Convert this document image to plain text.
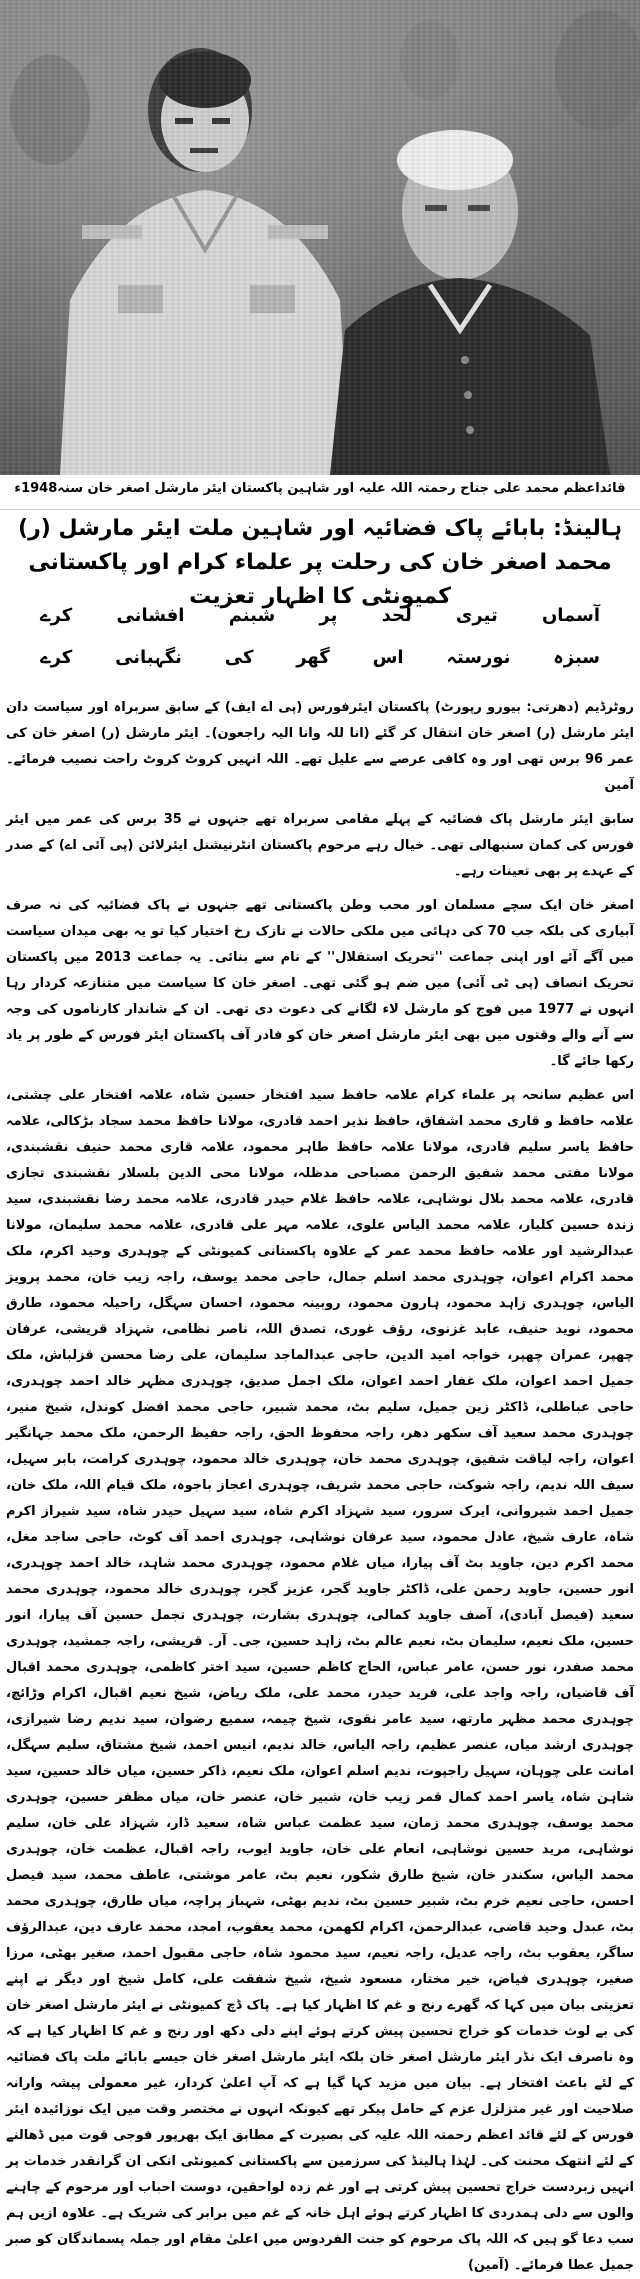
قائداعظم محمد علی جناح رحمتہ اللہ علیہ اور شاہین پاکستان ایئر مارشل اصغر خان سنہ1948ء
ہالینڈ: بابائے پاک فضائیہ اور شاہین ملت ایئر مارشل (ر) محمد اصغر خان کی رحلت پر علماء کرام اور پاکستانی کمیونٹی کا اظہار تعزیت
آسماں
تیری
لحد
پر
شبنم
افشانی
کرے
سبزہ
نورستہ
اس
گھر
کی
نگہبانی
کرے

روٹرڈیم (دھرتی: بیورو رپورٹ) پاکستان ایئرفورس (پی اے ایف) کے سابق سربراہ اور سیاست دان ایئر مارشل (ر) اصغر خان انتقال کر گئے (انا للہ وانا الیہ راجعون)۔ ایئر مارشل (ر) اصغر خان کی عمر 96 برس تھی اور وہ کافی عرصے سے علیل تھے۔ اللہ انہیں کروٹ کروٹ راحت نصیب فرمائے۔ آمین

سابق ایئر مارشل پاک فضائیہ کے پہلے مقامی سربراہ تھے جنہوں نے 35 برس کی عمر میں ایئر فورس کی کمان سنبھالی تھی۔ خیال رہے مرحوم پاکستان انٹرنیشنل ایئرلائن (پی آئی اے) کے صدر کے عہدے پر بھی تعینات رہے۔

اصغر خان ایک سچے مسلمان اور محب وطن پاکستانی تھے جنہوں نے پاک فضائیہ کی نہ صرف آبیاری کی بلکہ جب 70 کی دہائی میں ملکی حالات نے نازک رخ اختیار کیا تو یہ بھی میدان سیاست میں آگے آئے اور اپنی جماعت ''تحریک استقلال'' کے نام سے بنائی۔ یہ جماعت 2013 میں پاکستان تحریک انصاف (پی ٹی آئی) میں ضم ہو گئی تھی۔ اصغر خان کا سیاست میں متنازعہ کردار رہا انہوں نے 1977 میں فوج کو مارشل لاء لگانے کی دعوت دی تھی۔ ان کے شاندار کارناموں کی وجہ سے آنے والے وقتوں میں بھی ایئر مارشل اصغر خان کو فادر آف پاکستان ایئر فورس کے طور پر یاد رکھا جائے گا۔

اس عظیم سانحہ پر علماء کرام علامہ حافظ سید افتخار حسین شاہ، علامہ افتخار علی چشتی، علامہ حافظ و قاری محمد اشفاق، حافظ نذیر احمد قادری، مولانا حافظ محمد سجاد بڑکالی، علامہ حافظ یاسر سلیم قادری، مولانا علامہ حافظ طاہر محمود، علامہ قاری محمد حنیف نقشبندی، مولانا مفتی محمد شفیق الرحمن مصباحی مدظلہ، مولانا محی الدین بلسلار نقشبندی تجازی قادری، علامہ محمد بلال نوشاہی، علامہ حافظ غلام حیدر قادری، علامہ محمد رضا نقشبندی، سید زندہ حسین کلیار، علامہ محمد الیاس علوی، علامہ مہر علی قادری، علامہ محمد سلیمان، مولانا عبدالرشید اور علامہ حافظ محمد عمر کے علاوہ پاکستانی کمیونٹی کے چوہدری وحید اکرم، ملک محمد اکرام اعوان، چوہدری محمد اسلم جمال، حاجی محمد یوسف، راجہ زیب خان، محمد پرویز الیاس، چوہدری زاہد محمود، ہارون محمود، روبینہ محمود، احسان سہگل، راحیلہ محمود، طارق محمود، نوید حنیف، عابد غزنوی، رؤف غوری، تصدق اللہ، ناصر نظامی، شہزاد قریشی، عرفان چھپر، عمران چھپر، خواجہ امید الدین، حاجی عبدالماجد سلیمان، علی رضا محسن قزلباش، ملک جمیل احمد اعوان، ملک غفار احمد اعوان، ملک اجمل صدیق، چوہدری مظہر خالد احمد چوہدری، حاجی عباطلی، ڈاکٹر زین جمیل، سلیم بٹ، محمد شبیر، حاجی محمد افضل کوندل، شیخ منیر، چوہدری محمد سعید آف سکھر دھر، راجہ محفوظ الحق، راجہ حفیظ الرحمن، ملک محمد جہانگیر اعوان، راجہ لیاقت شفیق، چوہدری محمد خان، چوہدری خالد محمود، چوہدری کرامت، بابر سہیل، سیف اللہ ندیم، راجہ شوکت، حاجی محمد شریف، چوہدری اعجاز باجوہ، ملک قیام اللہ، ملک خان، جمیل احمد شیروانی، ایرک سرور، سید شہزاد اکرم شاہ، سید سہیل حیدر شاہ، سید شیراز اکرم شاہ، عارف شیخ، عادل محمود، سید عرفان نوشاہی، چوہدری احمد آف کوٹ، حاجی ساجد مغل، محمد اکرم دین، جاوید بٹ آف پیارا، میاں غلام محمود، چوہدری محمد شاہد، خالد احمد چوہدری، انور حسین، جاوید رحمن علی، ڈاکٹر جاوید گجر، عزیز گجر، چوہدری خالد محمود، چوہدری محمد سعید (فیصل آبادی)، آصف جاوید کمالی، چوہدری بشارت، چوہدری تجمل حسین آف پیارا، انور حسین، ملک نعیم، سلیمان بٹ، نعیم عالم بٹ، زاہد حسین، جی۔ آر۔ قریشی، راجہ جمشید، چوہدری محمد صفدر، نور حسن، عامر عباس، الحاج کاظم حسین، سید اختر کاظمی، چوہدری محمد اقبال آف قاضیاں، راجہ واجد علی، فرید حیدر، محمد علی، ملک ریاض، شیخ نعیم اقبال، اکرام وڑائچ، چوہدری محمد مظہر مارتھ، سید عامر نقوی، شیخ چیمہ، سمیع رضوان، سید ندیم رضا شیرازی، چوہدری ارشد میاں، عنصر عظیم، راجہ الیاس، خالد ندیم، انیس احمد، شیخ مشتاق، سلیم سہگل، امانت علی چوہان، سہیل راجپوت، ندیم اسلم اعوان، ملک نعیم، ذاکر حسین، میاں خالد حسین، سید شاہن شاہ، یاسر احمد کمال قمر زیب خان، شبیر خان، عنصر خان، میاں مظفر حسین، چوہدری محمد یوسف، چوہدری محمد زمان، سید عظمت عباس شاہ، سعید ڈار، شہزاد علی خان، سلیم نوشاہی، مرید حسین نوشاہی، انعام علی خان، جاوید ایوب، راجہ اقبال، عظمت خان، چوہدری محمد الیاس، سکندر خان، شیخ طارق شکور، نعیم بٹ، عامر موشتی، عاطف محمد، سید فیصل احسن، حاجی نعیم خرم بٹ، شبیر حسین بٹ، ندیم بھٹی، شہباز پراچہ، میاں طارق، چوہدری محمد بٹ، عبدل وحید قاضی، عبدالرحمن، اکرام لکھمن، محمد یعقوب، امجد، محمد عارف دین، عبدالرؤف ساگر، یعقوب بٹ، راجہ عدیل، راجہ نعیم، سید محمود شاہ، حاجی مقبول احمد، صغیر بھٹی، مرزا صغیر، چوہدری فیاض، خیر مختار، مسعود شیخ، شیخ شفقت علی، کامل شیخ اور دیگر نے اپنے تعزیتی بیان میں کہا کہ گھرے رنج و غم کا اظہار کیا ہے۔ پاک ڈچ کمیونٹی نے ایئر مارشل اصغر خان کی بے لوث خدمات کو خراج تحسین پیش کرتے ہوئے اپنے دلی دکھ اور رنج و غم کا اظہار کیا ہے کہ وہ ناصرف ایک نڈر ایئر مارشل اصغر خان بلکہ ایئر مارشل اصغر خان جیسے بابائے ملت پاک فضائیہ کے لئے باعث افتخار ہے۔ بیان میں مزید کہا گیا ہے کہ آپ اعلیٰ کردار، غیر معمولی پیشہ وارانہ صلاحیت اور غیر متزلزل عزم کے حامل پیکر تھے کیونکہ انہوں نے مختصر وقت میں ایک نوزائیدہ ایئر فورس کے لئے قائد اعظم رحمتہ اللہ علیہ کی بصیرت کے مطابق ایک بھرپور فوجی قوت میں ڈھالنے کے لئے انتھک محنت کی۔ لہٰذا ہالینڈ کی سرزمین سے پاکستانی کمیونٹی انکی ان گرانقدر خدمات پر انہیں زبردست خراج تحسین پیش کرتی ہے اور غم زدہ لواحقین، دوست احباب اور مرحوم کے چاہنے والوں سے دلی ہمدردی کا اظہار کرتے ہوئے اہل خانہ کے غم میں برابر کی شریک ہے۔ علاوہ ازیں ہم سب دعا گو ہیں کہ اللہ پاک مرحوم کو جنت الفردوس میں اعلیٰ مقام اور جملہ پسماندگان کو صبر جمیل عطا فرمائے۔ (آمین)
